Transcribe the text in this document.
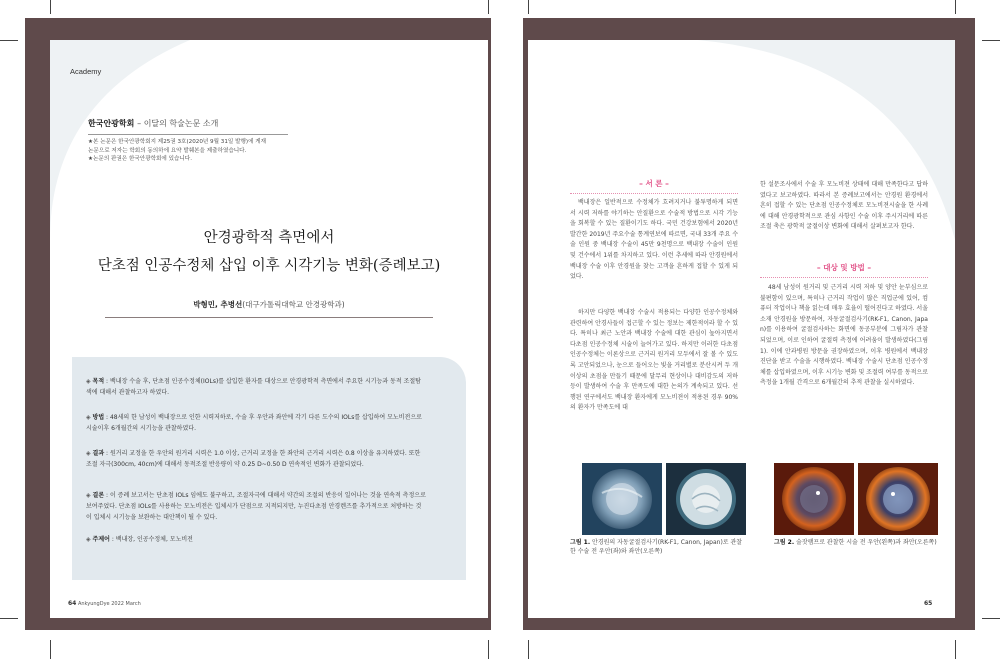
Academy
한국안광학회 – 이달의 학술논문 소개
★본 논문은 한국안광학회지 제25권 3호(2020년 9월 31일 발행)에 게재 논문으로 저자는 학회의 동의하에 요약 발췌본을 제출하였습니다.
★논문의 판권은 한국안광학회에 있습니다.
안경광학적 측면에서
단초점 인공수정체 삽입 이후 시각기능 변화(증례보고)
박형민, 추병선(대구가톨릭대학교 안경광학과)
◈ 목적 : 백내장 수술 후, 단초점 인공수정체(IOLs)를 삽입한 환자를 대상으로 안경광학적 측면에서 주요한 시기능과 동적 조절탐색에 대해서 관찰하고자 하였다.
◈ 방법 : 48세의 한 남성이 백내장으로 인한 시력저하로, 수술 후 우안과 좌안에 각기 다른 도수의 IOLs를 삽입하여 모노비전으로 시술이후 6개월간의 시기능을 관찰하였다.
◈ 결과 : 원거리 교정을 한 우안의 원거리 시력은 1.0 이상, 근거리 교정을 한 좌안의 근거리 시력은 0.8 이상을 유지하였다. 또한 조절 자극(300cm, 40cm)에 대해서 동적조절 반응량이 약 0.25 D~0.50 D 연속적인 변화가 관찰되었다.
◈ 결론 : 이 증례 보고서는 단초점 IOLs 임에도 불구하고, 조절자극에 대해서 약간의 조절의 반응이 일어나는 것을 연속적 측정으로 보여주었다. 단초점 IOLs를 사용하는 모노비전은 입체시가 단점으로 지적되지만, 누진다초점 안경렌즈를 추가적으로 처방하는 것이 입체시 시기능을 보완하는 대안책이 될 수 있다.
◈ 주제어 : 백내장, 인공수정체, 모노비전
64 AnkyungDye 2022 March
– 서 론 –
백내장은 일반적으로 수정체가 흐려지거나 불투명하게 되면서 시력 저하를 야기하는 안질환으로 수술적 방법으로 시각 기능을 회복할 수 있는 질환이기도 하다. 국민 건강보험에서 2020년 발간한 2019년 주요수술 통계연보에 따르면, 국내 33개 주요 수술 인원 중 백내장 수술이 45만 9천명으로 백내장 수술이 인원 및 건수에서 1위를 차지하고 있다. 이런 추세에 따라 안경원에서 백내장 수술 이후 안경원을 찾는 고객을 흔하게 접할 수 있게 되었다.
하지만 다양한 백내장 수술시 적용되는 다양한 인공수정체와 관련하여 안경사들이 접근할 수 있는 정보는 제한적이라 할 수 있다. 특히나 최근 노안과 백내장 수술에 대한 관심이 높아지면서 다초점 인공수정체 시술이 늘어가고 있다. 하지만 이러한 다초점 인공수정체는 이론상으로 근거리 원거리 모두에서 잘 볼 수 있도록 고안되었으나, 눈으로 들어오는 빛을 거리별로 분산시켜 두 개 이상의 초점을 만들기 때문에 달무리 현상이나 대비감도의 저하 등이 발생하여 수술 후 만족도에 대한 논의가 계속되고 있다. 선행된 연구에서도 백내장 환자에게 모노비젼이 적용된 경우 90%의 환자가 만족도에 대
한 설문조사에서 수술 후 모노비젼 상태에 대해 만족한다고 답하였다고 보고하였다. 따라서 본 증례보고에서는 안경원 환경에서 흔히 접할 수 있는 단초점 인공수정체로 모노비젼시술을 한 사례에 대해 안경광학적으로 관심 사항인 수술 이후 주시거리에 따른 조절 축은 광학적 굴절이상 변화에 대해서 살펴보고자 한다.
– 대상 및 방법 –
48세 남성이 원거리 및 근거리 시력 저하 및 양안 눈부심으로 불편함이 있으며, 특히나 근거리 작업이 많은 직업군에 있어, 컴퓨터 작업이나 책을 읽는데 매우 효율이 떨어진다고 하였다. 서울 소재 안경원을 방문하여, 자동굴절검사기(RK-F1, Canon, Japan)를 이용하여 굴절검사하는 화면에 동공부분에 그림자가 관찰되었으며, 이로 인하여 굴절력 측정에 어려움이 발생하였다(그림 1). 이에 안과병원 방문을 권장하였으며, 이후 병원에서 백내장 진단을 받고 수술을 시행하였다. 백내장 수술시 단초점 인공수정체를 삽입하였으며, 이후 시기능 변화 및 조절력 여부를 동적으로 측정을 1개월 간격으로 6개월간의 추적 관찰을 실시하였다.
그림 1. 안경원의 자동굴절검사기(RK-F1, Canon, Japan)로 관찰한 수술 전 우안(좌)와 좌안(오른쪽)
그림 2. 술잣램프로 관찰한 시술 전 우안(왼쪽)과 좌안(오른쪽)
65
